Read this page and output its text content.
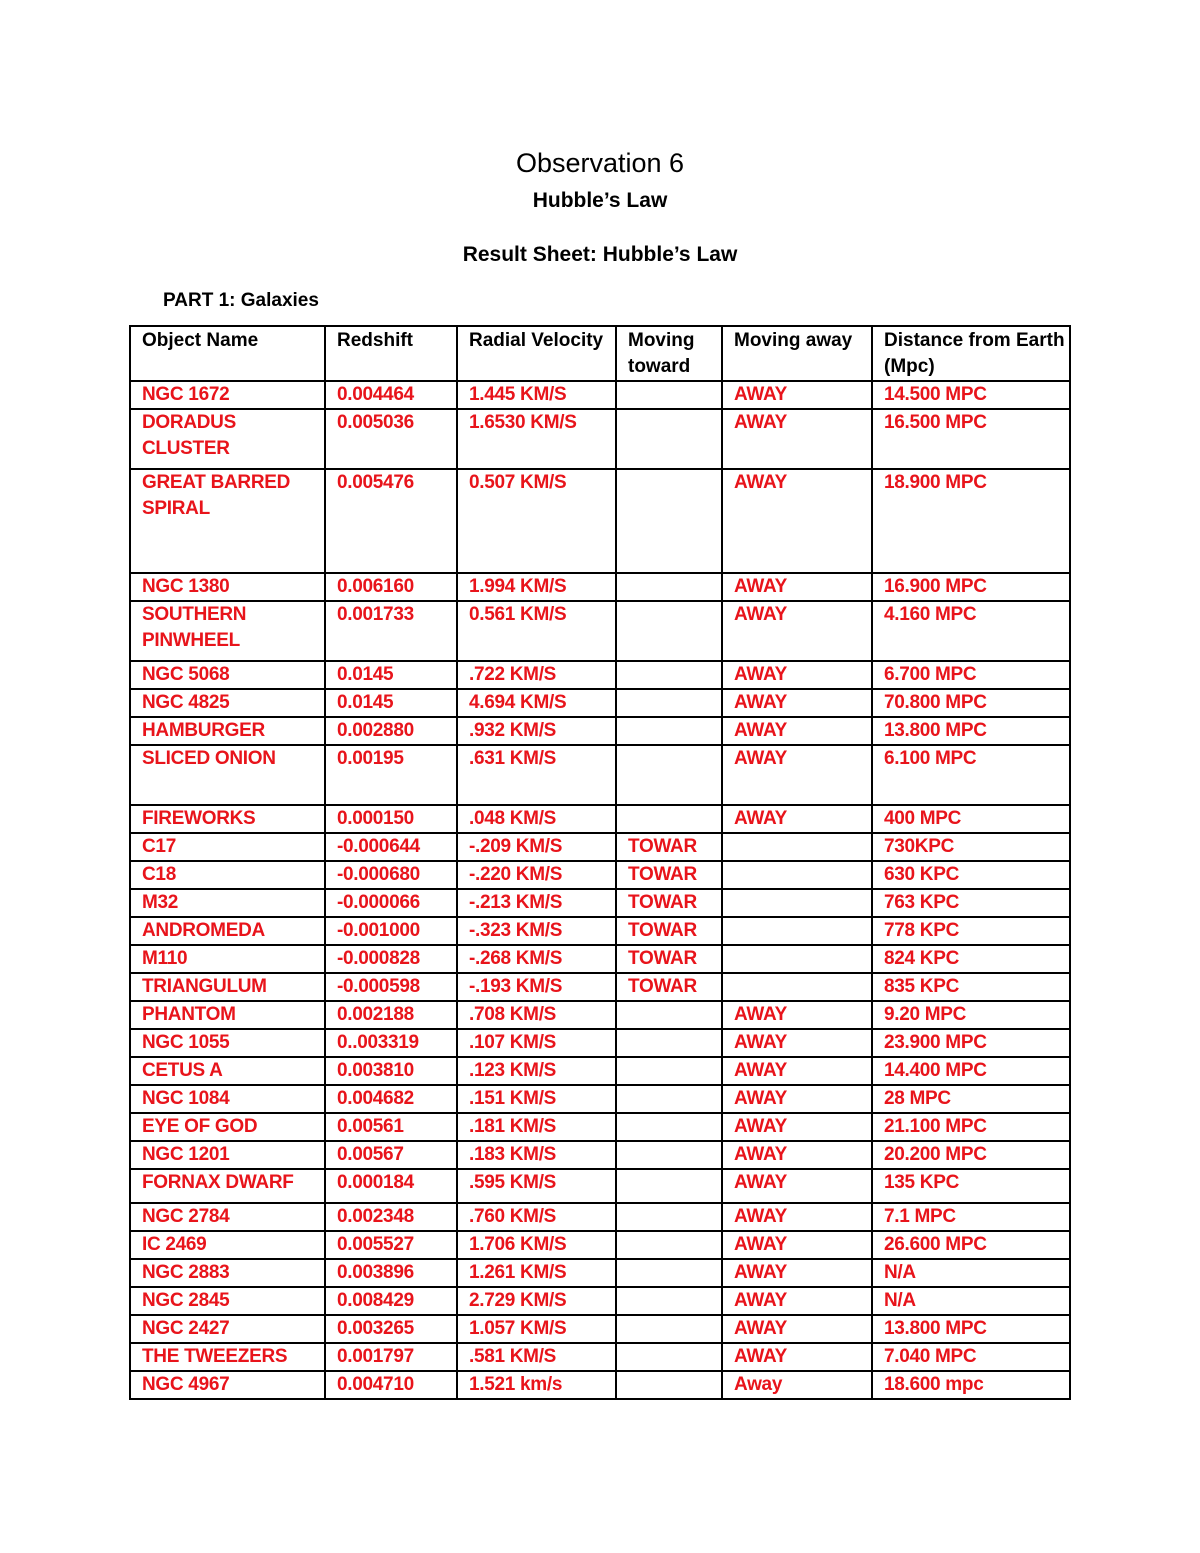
Observation 6
Hubble’s Law
Result Sheet: Hubble’s Law
PART 1: Galaxies
Object Name	Redshift	Radial Velocity	Moving toward	Moving away	Distance from Earth (Mpc)
NGC 1672	0.004464	1.445 KM/S		AWAY	14.500 MPC
DORADUS CLUSTER	0.005036	1.6530 KM/S		AWAY	16.500 MPC
GREAT BARRED SPIRAL	0.005476	0.507 KM/S		AWAY	18.900 MPC
NGC 1380	0.006160	1.994 KM/S		AWAY	16.900 MPC
SOUTHERN PINWHEEL	0.001733	0.561 KM/S		AWAY	4.160 MPC
NGC 5068	0.0145	.722 KM/S		AWAY	6.700 MPC
NGC 4825	0.0145	4.694 KM/S		AWAY	70.800 MPC
HAMBURGER	0.002880	.932 KM/S		AWAY	13.800 MPC
SLICED ONION	0.00195	.631 KM/S		AWAY	6.100 MPC
FIREWORKS	0.000150	.048 KM/S		AWAY	400 MPC
C17	-0.000644	-.209 KM/S	TOWAR		730KPC
C18	-0.000680	-.220 KM/S	TOWAR		630 KPC
M32	-0.000066	-.213 KM/S	TOWAR		763 KPC
ANDROMEDA	-0.001000	-.323 KM/S	TOWAR		778 KPC
M110	-0.000828	-.268 KM/S	TOWAR		824 KPC
TRIANGULUM	-0.000598	-.193 KM/S	TOWAR		835 KPC
PHANTOM	0.002188	.708 KM/S		AWAY	9.20 MPC
NGC 1055	0..003319	.107 KM/S		AWAY	23.900 MPC
CETUS A	0.003810	.123 KM/S		AWAY	14.400 MPC
NGC 1084	0.004682	.151 KM/S		AWAY	28 MPC
EYE OF GOD	0.00561	.181 KM/S		AWAY	21.100 MPC
NGC 1201	0.00567	.183 KM/S		AWAY	20.200 MPC
FORNAX DWARF	0.000184	.595 KM/S		AWAY	135 KPC
NGC 2784	0.002348	.760 KM/S		AWAY	7.1 MPC
IC 2469	0.005527	1.706 KM/S		AWAY	26.600 MPC
NGC 2883	0.003896	1.261 KM/S		AWAY	N/A
NGC 2845	0.008429	2.729 KM/S		AWAY	N/A
NGC 2427	0.003265	1.057 KM/S		AWAY	13.800 MPC
THE TWEEZERS	0.001797	.581 KM/S		AWAY	7.040 MPC
NGC 4967	0.004710	1.521 km/s		Away	18.600 mpc
